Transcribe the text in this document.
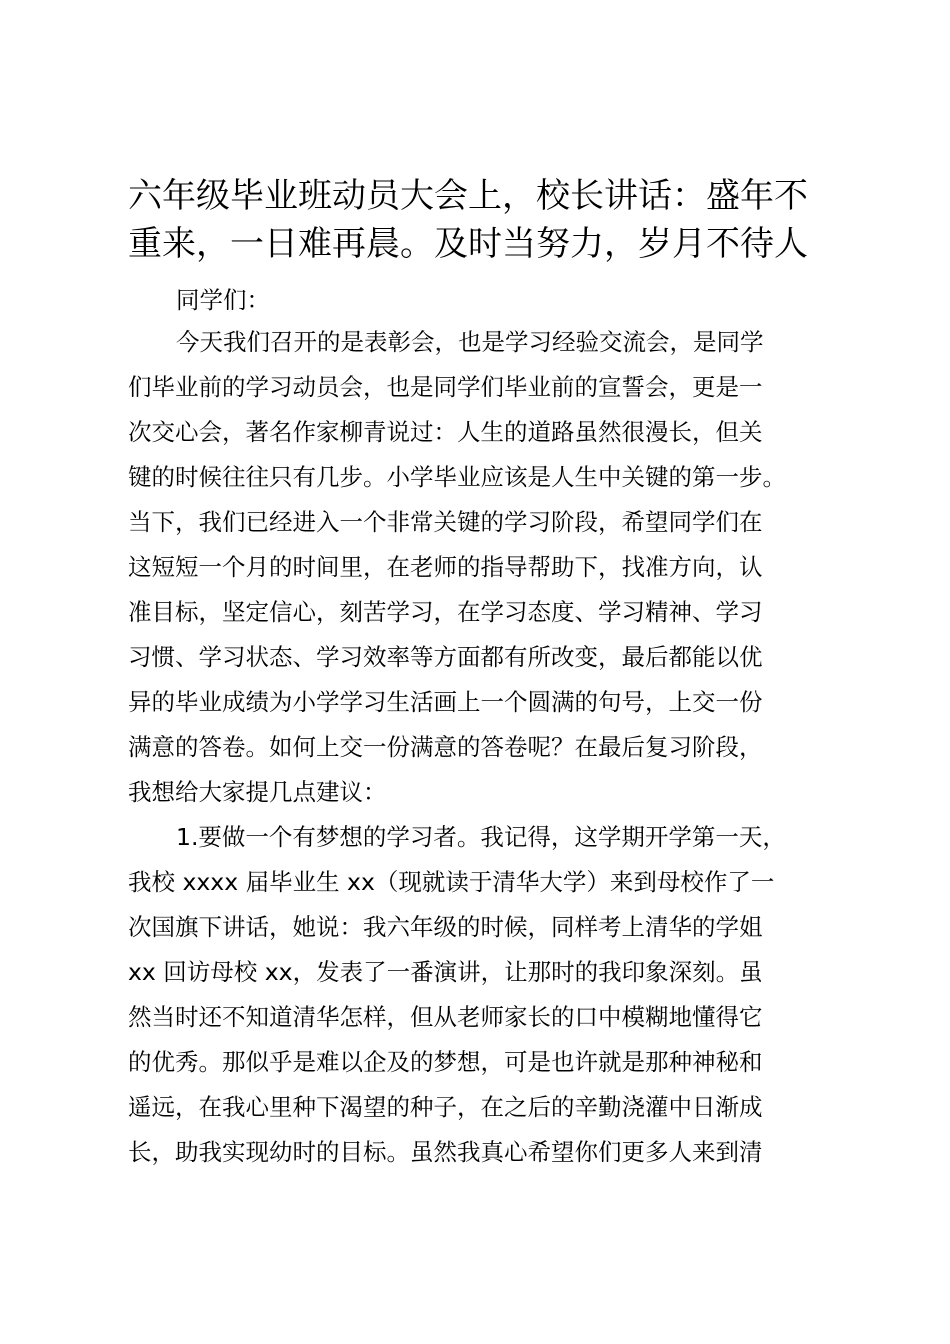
六年级毕业班动员大会上，校长讲话：盛年不
重来，一日难再晨。及时当努力，岁月不待人
同学们：
今天我们召开的是表彰会，也是学习经验交流会，是同学
们毕业前的学习动员会，也是同学们毕业前的宣誓会，更是一
次交心会，著名作家柳青说过：人生的道路虽然很漫长，但关
键的时候往往只有几步。小学毕业应该是人生中关键的第一步。
当下，我们已经进入一个非常关键的学习阶段，希望同学们在
这短短一个月的时间里，在老师的指导帮助下，找准方向，认
准目标，坚定信心，刻苦学习，在学习态度、学习精神、学习
习惯、学习状态、学习效率等方面都有所改变，最后都能以优
异的毕业成绩为小学学习生活画上一个圆满的句号，上交一份
满意的答卷。如何上交一份满意的答卷呢？在最后复习阶段，
我想给大家提几点建议：
1.要做一个有梦想的学习者。我记得，这学期开学第一天，
我校 xxxx 届毕业生 xx（现就读于清华大学）来到母校作了一
次国旗下讲话，她说：我六年级的时候，同样考上清华的学姐
xx 回访母校 xx，发表了一番演讲，让那时的我印象深刻。虽
然当时还不知道清华怎样，但从老师家长的口中模糊地懂得它
的优秀。那似乎是难以企及的梦想，可是也许就是那种神秘和
遥远，在我心里种下渴望的种子，在之后的辛勤浇灌中日渐成
长，助我实现幼时的目标。虽然我真心希望你们更多人来到清
